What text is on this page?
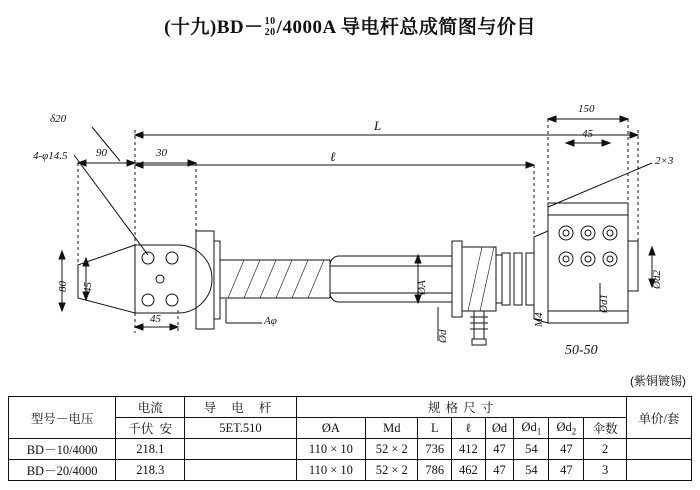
(十九)BD－ 10
20 /4000A 导电杆总成简图与价目
δ20
4-φ14.5	90	30
80 45
45
L
ℓ
150
45
2×3
ØA
Ød
Ød1
Ød2
Aφ	M4
50-50
(紫铜镀锡)
型号－电压	电流	导 电 杆	规 格 尺 寸								单价/套
	千伏 安	5ET.510	ØA	Md	L	ℓ	Ød	$Ød_1$	$Ød_2$	伞数	
BD－10/4000	218.1		110 × 10	52 × 2	736	412	47	54	47	2	
BD－20/4000	218.3		110 × 10	52 × 2	786	462	47	54	47	3	
